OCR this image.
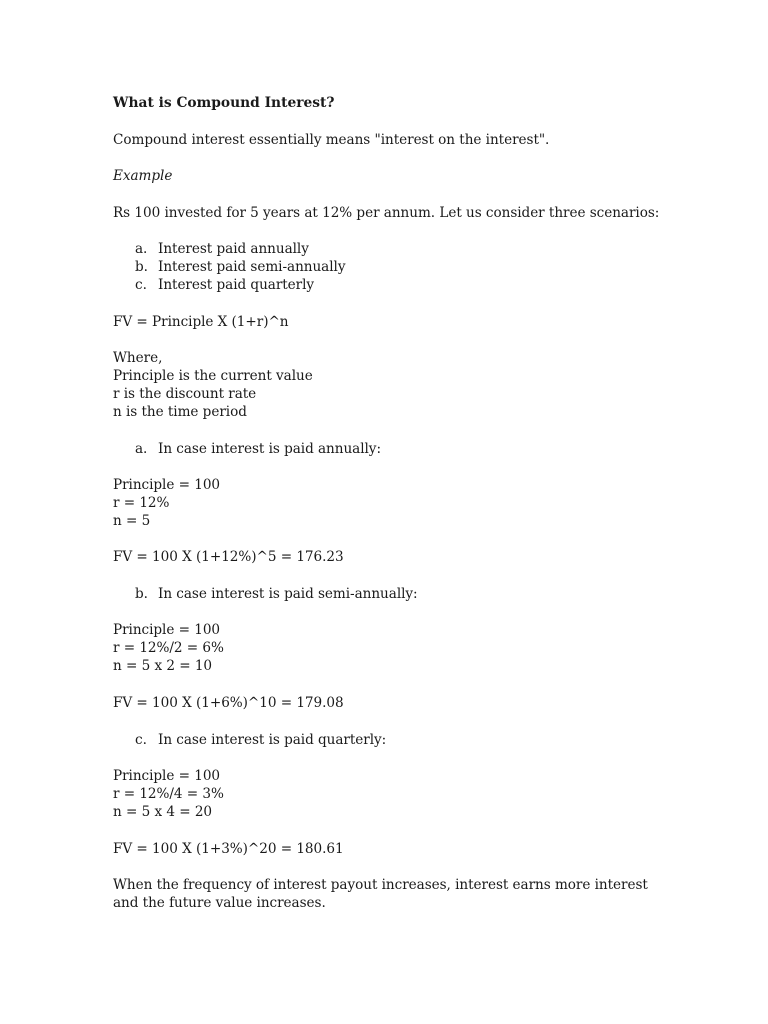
What is Compound Interest?

Compound interest essentially means "interest on the interest".

Example

Rs 100 invested for 5 years at 12% per annum. Let us consider three scenarios:

a. Interest paid annually
b. Interest paid semi-annually
c. Interest paid quarterly

FV = Principle X (1+r)^n

Where,

Principle is the current value

r is the discount rate

n is the time period

a. In case interest is paid annually:

Principle = 100

r = 12%

n = 5

FV = 100 X (1+12%)^5 = 176.23

b. In case interest is paid semi-annually:

Principle = 100

r = 12%/2 = 6%

n = 5 x 2 = 10

FV = 100 X (1+6%)^10 = 179.08

c. In case interest is paid quarterly:

Principle = 100

r = 12%/4 = 3%

n = 5 x 4 = 20

FV = 100 X (1+3%)^20 = 180.61

When the frequency of interest payout increases, interest earns more interest and the future value increases.
